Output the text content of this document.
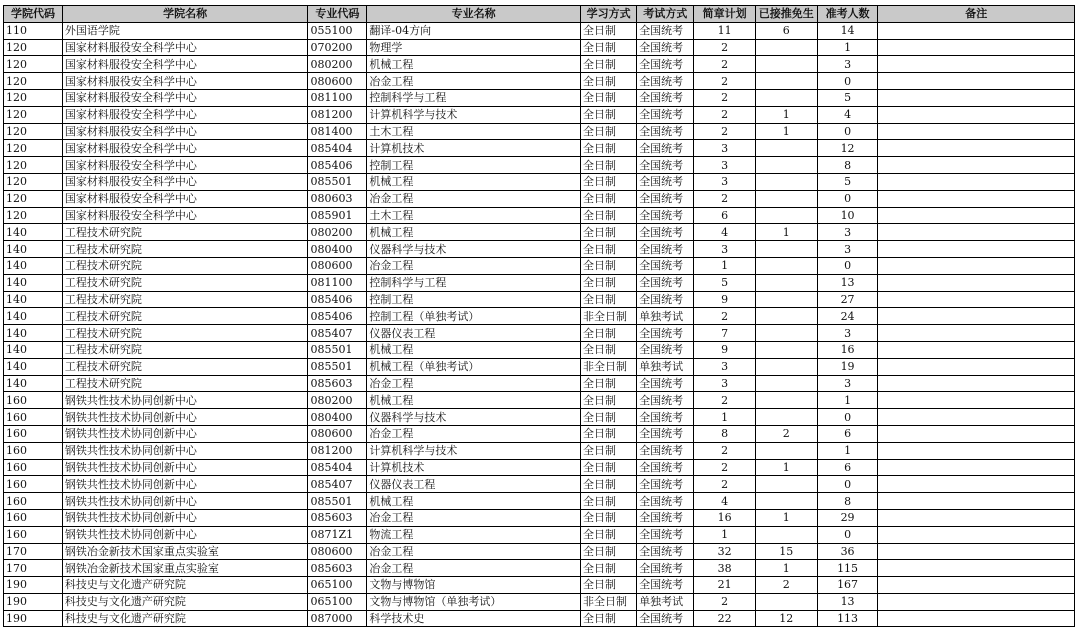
学院代码	学院名称	专业代码	专业名称	学习方式	考试方式	简章计划	已接推免生	准考人数	备注
110	外国语学院	055100	翻译-04方向	全日制	全国统考	11	6	14	
120	国家材料服役安全科学中心	070200	物理学	全日制	全国统考	2		1	
120	国家材料服役安全科学中心	080200	机械工程	全日制	全国统考	2		3	
120	国家材料服役安全科学中心	080600	冶金工程	全日制	全国统考	2		0	
120	国家材料服役安全科学中心	081100	控制科学与工程	全日制	全国统考	2		5	
120	国家材料服役安全科学中心	081200	计算机科学与技术	全日制	全国统考	2	1	4	
120	国家材料服役安全科学中心	081400	土木工程	全日制	全国统考	2	1	0	
120	国家材料服役安全科学中心	085404	计算机技术	全日制	全国统考	3		12	
120	国家材料服役安全科学中心	085406	控制工程	全日制	全国统考	3		8	
120	国家材料服役安全科学中心	085501	机械工程	全日制	全国统考	3		5	
120	国家材料服役安全科学中心	080603	冶金工程	全日制	全国统考	2		0	
120	国家材料服役安全科学中心	085901	土木工程	全日制	全国统考	6		10	
140	工程技术研究院	080200	机械工程	全日制	全国统考	4	1	3	
140	工程技术研究院	080400	仪器科学与技术	全日制	全国统考	3		3	
140	工程技术研究院	080600	冶金工程	全日制	全国统考	1		0	
140	工程技术研究院	081100	控制科学与工程	全日制	全国统考	5		13	
140	工程技术研究院	085406	控制工程	全日制	全国统考	9		27	
140	工程技术研究院	085406	控制工程（单独考试）	非全日制	单独考试	2		24	
140	工程技术研究院	085407	仪器仪表工程	全日制	全国统考	7		3	
140	工程技术研究院	085501	机械工程	全日制	全国统考	9		16	
140	工程技术研究院	085501	机械工程（单独考试）	非全日制	单独考试	3		19	
140	工程技术研究院	085603	冶金工程	全日制	全国统考	3		3	
160	钢铁共性技术协同创新中心	080200	机械工程	全日制	全国统考	2		1	
160	钢铁共性技术协同创新中心	080400	仪器科学与技术	全日制	全国统考	1		0	
160	钢铁共性技术协同创新中心	080600	冶金工程	全日制	全国统考	8	2	6	
160	钢铁共性技术协同创新中心	081200	计算机科学与技术	全日制	全国统考	2		1	
160	钢铁共性技术协同创新中心	085404	计算机技术	全日制	全国统考	2	1	6	
160	钢铁共性技术协同创新中心	085407	仪器仪表工程	全日制	全国统考	2		0	
160	钢铁共性技术协同创新中心	085501	机械工程	全日制	全国统考	4		8	
160	钢铁共性技术协同创新中心	085603	冶金工程	全日制	全国统考	16	1	29	
160	钢铁共性技术协同创新中心	0871Z1	物流工程	全日制	全国统考	1		0	
170	钢铁冶金新技术国家重点实验室	080600	冶金工程	全日制	全国统考	32	15	36	
170	钢铁冶金新技术国家重点实验室	085603	冶金工程	全日制	全国统考	38	1	115	
190	科技史与文化遗产研究院	065100	文物与博物馆	全日制	全国统考	21	2	167	
190	科技史与文化遗产研究院	065100	文物与博物馆（单独考试）	非全日制	单独考试	2		13	
190	科技史与文化遗产研究院	087000	科学技术史	全日制	全国统考	22	12	113	
